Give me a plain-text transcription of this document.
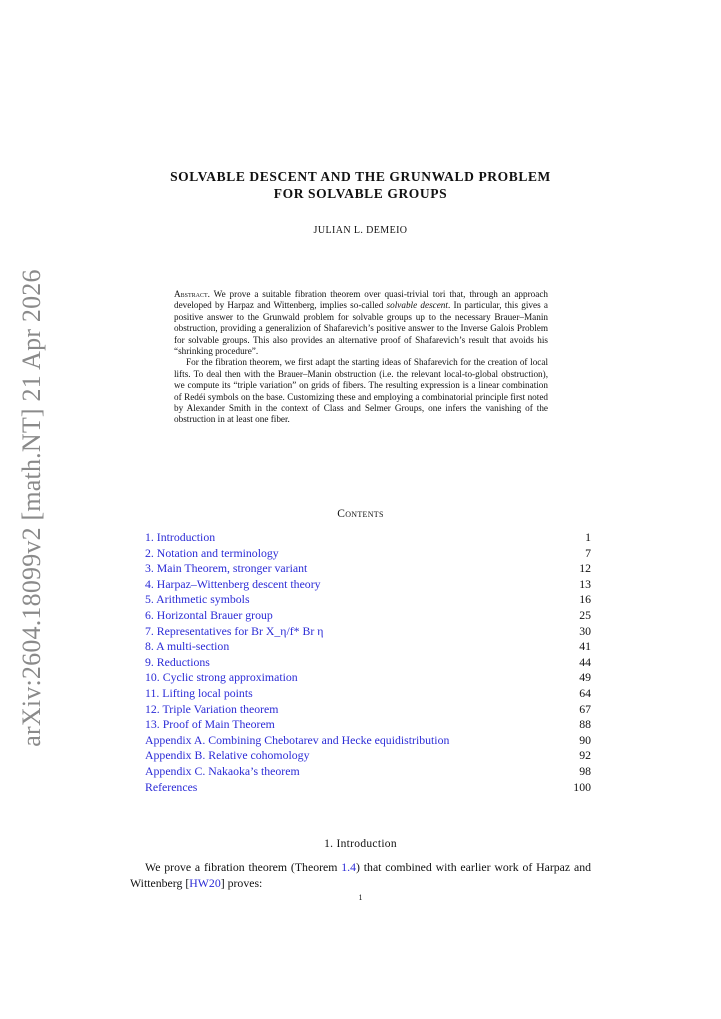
arXiv:2604.18099v2 [math.NT] 21 Apr 2026
SOLVABLE DESCENT AND THE GRUNWALD PROBLEM
FOR SOLVABLE GROUPS
JULIAN L. DEMEIO

Abstract. We prove a suitable fibration theorem over quasi-trivial tori that, through an approach developed by Harpaz and Wittenberg, implies so-called solvable descent. In particular, this gives a positive answer to the Grunwald problem for solvable groups up to the necessary Brauer–Manin obstruction, providing a generalizion of Shafarevich’s positive answer to the Inverse Galois Problem for solvable groups. This also provides an alternative proof of Shafarevich’s result that avoids his “shrinking procedure”.

For the fibration theorem, we first adapt the starting ideas of Shafarevich for the creation of local lifts. To deal then with the Brauer–Manin obstruction (i.e. the relevant local-to-global obstruction), we compute its “triple variation” on grids of fibers. The resulting expression is a linear combination of Redéi symbols on the base. Customizing these and employing a combinatorial principle first noted by Alexander Smith in the context of Class and Selmer Groups, one infers the vanishing of the obstruction in at least one fiber.

Contents
1. Introduction	1
2. Notation and terminology	7
3. Main Theorem, stronger variant	12
4. Harpaz–Wittenberg descent theory	13
5. Arithmetic symbols	16
6. Horizontal Brauer group	25
7. Representatives for Br X_η/f* Br η	30
8. A multi-section	41
9. Reductions	44
10. Cyclic strong approximation	49
11. Lifting local points	64
12. Triple Variation theorem	67
13. Proof of Main Theorem	88
Appendix A. Combining Chebotarev and Hecke equidistribution	90
Appendix B. Relative cohomology	92
Appendix C. Nakaoka’s theorem	98
References	100
1. Introduction
We prove a fibration theorem (Theorem 1.4) that combined with earlier work of Harpaz and Wittenberg [HW20] proves:
1
